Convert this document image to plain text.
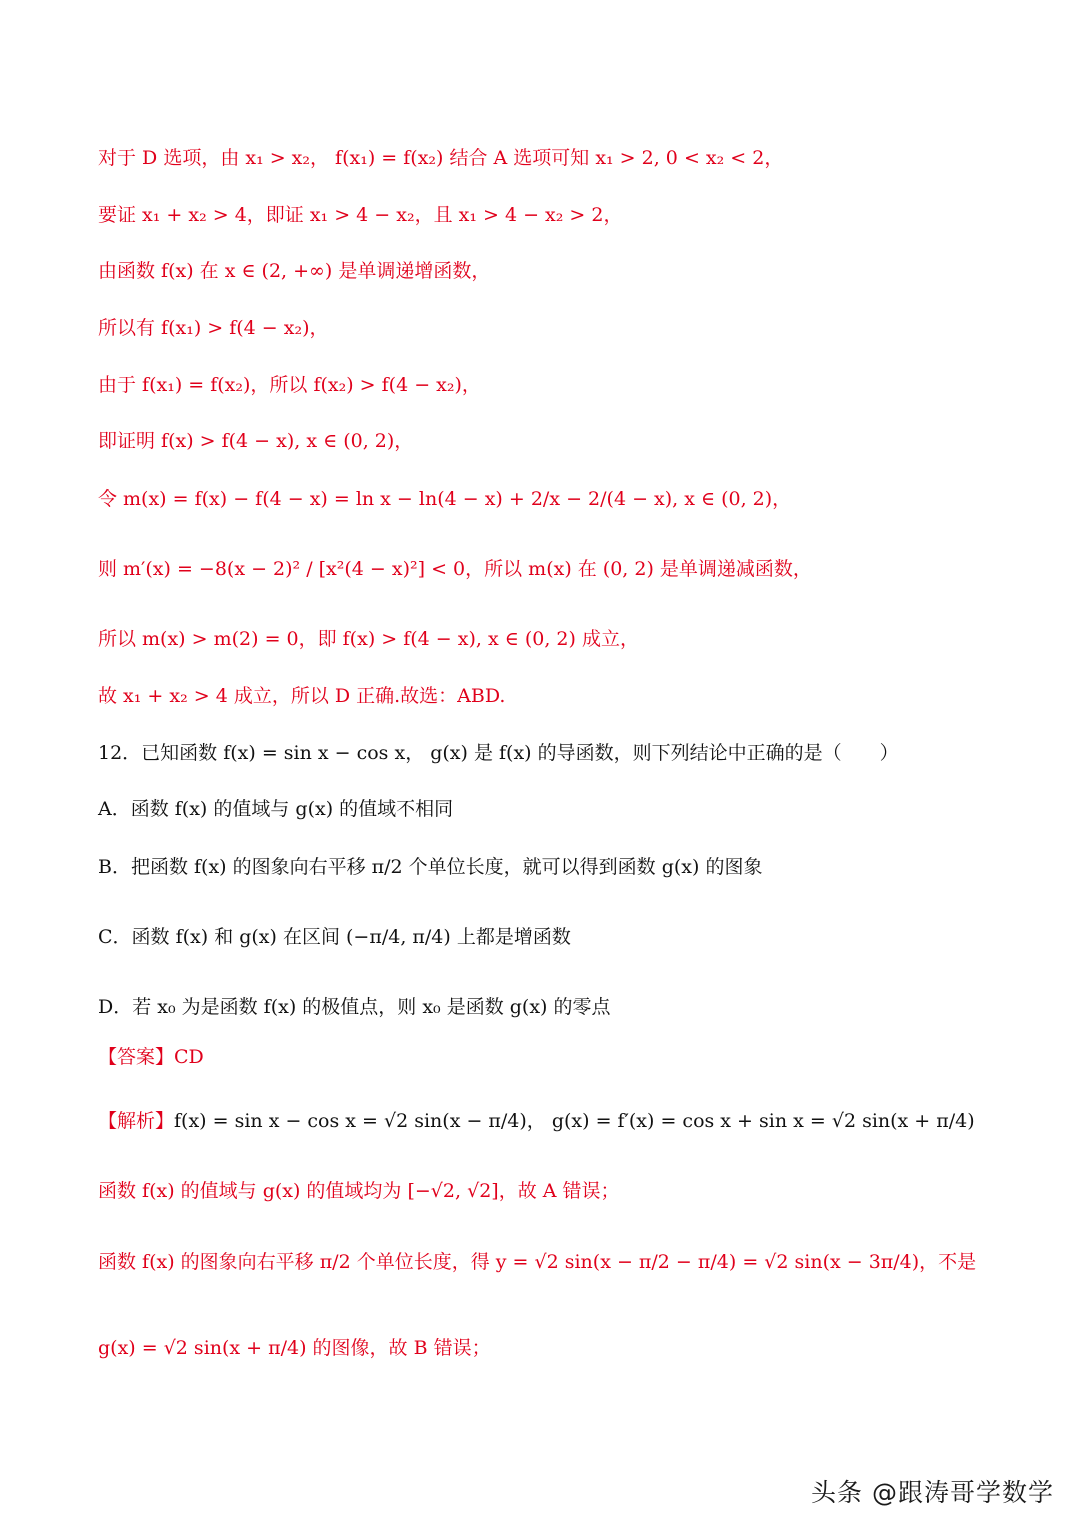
对于 D 选项，由 x₁ > x₂， f(x₁) = f(x₂) 结合 A 选项可知 x₁ > 2, 0 < x₂ < 2，
要证 x₁ + x₂ > 4，即证 x₁ > 4 − x₂，且 x₁ > 4 − x₂ > 2，
由函数 f(x) 在 x ∈ (2, +∞) 是单调递增函数，
所以有 f(x₁) > f(4 − x₂)，
由于 f(x₁) = f(x₂)，所以 f(x₂) > f(4 − x₂)，
即证明 f(x) > f(4 − x), x ∈ (0, 2)，
令 m(x) = f(x) − f(4 − x) = ln x − ln(4 − x) + 2/x − 2/(4 − x), x ∈ (0, 2)，
则 m′(x) = −8(x − 2)² / [x²(4 − x)²] < 0，所以 m(x) 在 (0, 2) 是单调递减函数，
所以 m(x) > m(2) = 0，即 f(x) > f(4 − x), x ∈ (0, 2) 成立，
故 x₁ + x₂ > 4 成立，所以 D 正确.故选：ABD.
12．已知函数 f(x) = sin x − cos x， g(x) 是 f(x) 的导函数，则下列结论中正确的是（　　）
A．函数 f(x) 的值域与 g(x) 的值域不相同
B．把函数 f(x) 的图象向右平移 π/2 个单位长度，就可以得到函数 g(x) 的图象
C．函数 f(x) 和 g(x) 在区间 (−π/4, π/4) 上都是增函数
D．若 x₀ 为是函数 f(x) 的极值点，则 x₀ 是函数 g(x) 的零点
【答案】CD
【解析】f(x) = sin x − cos x = √2 sin(x − π/4)， g(x) = f′(x) = cos x + sin x = √2 sin(x + π/4)
函数 f(x) 的值域与 g(x) 的值域均为 [−√2, √2]，故 A 错误；
函数 f(x) 的图象向右平移 π/2 个单位长度，得 y = √2 sin(x − π/2 − π/4) = √2 sin(x − 3π/4)，不是
g(x) = √2 sin(x + π/4) 的图像，故 B 错误；
头条 @跟涛哥学数学
